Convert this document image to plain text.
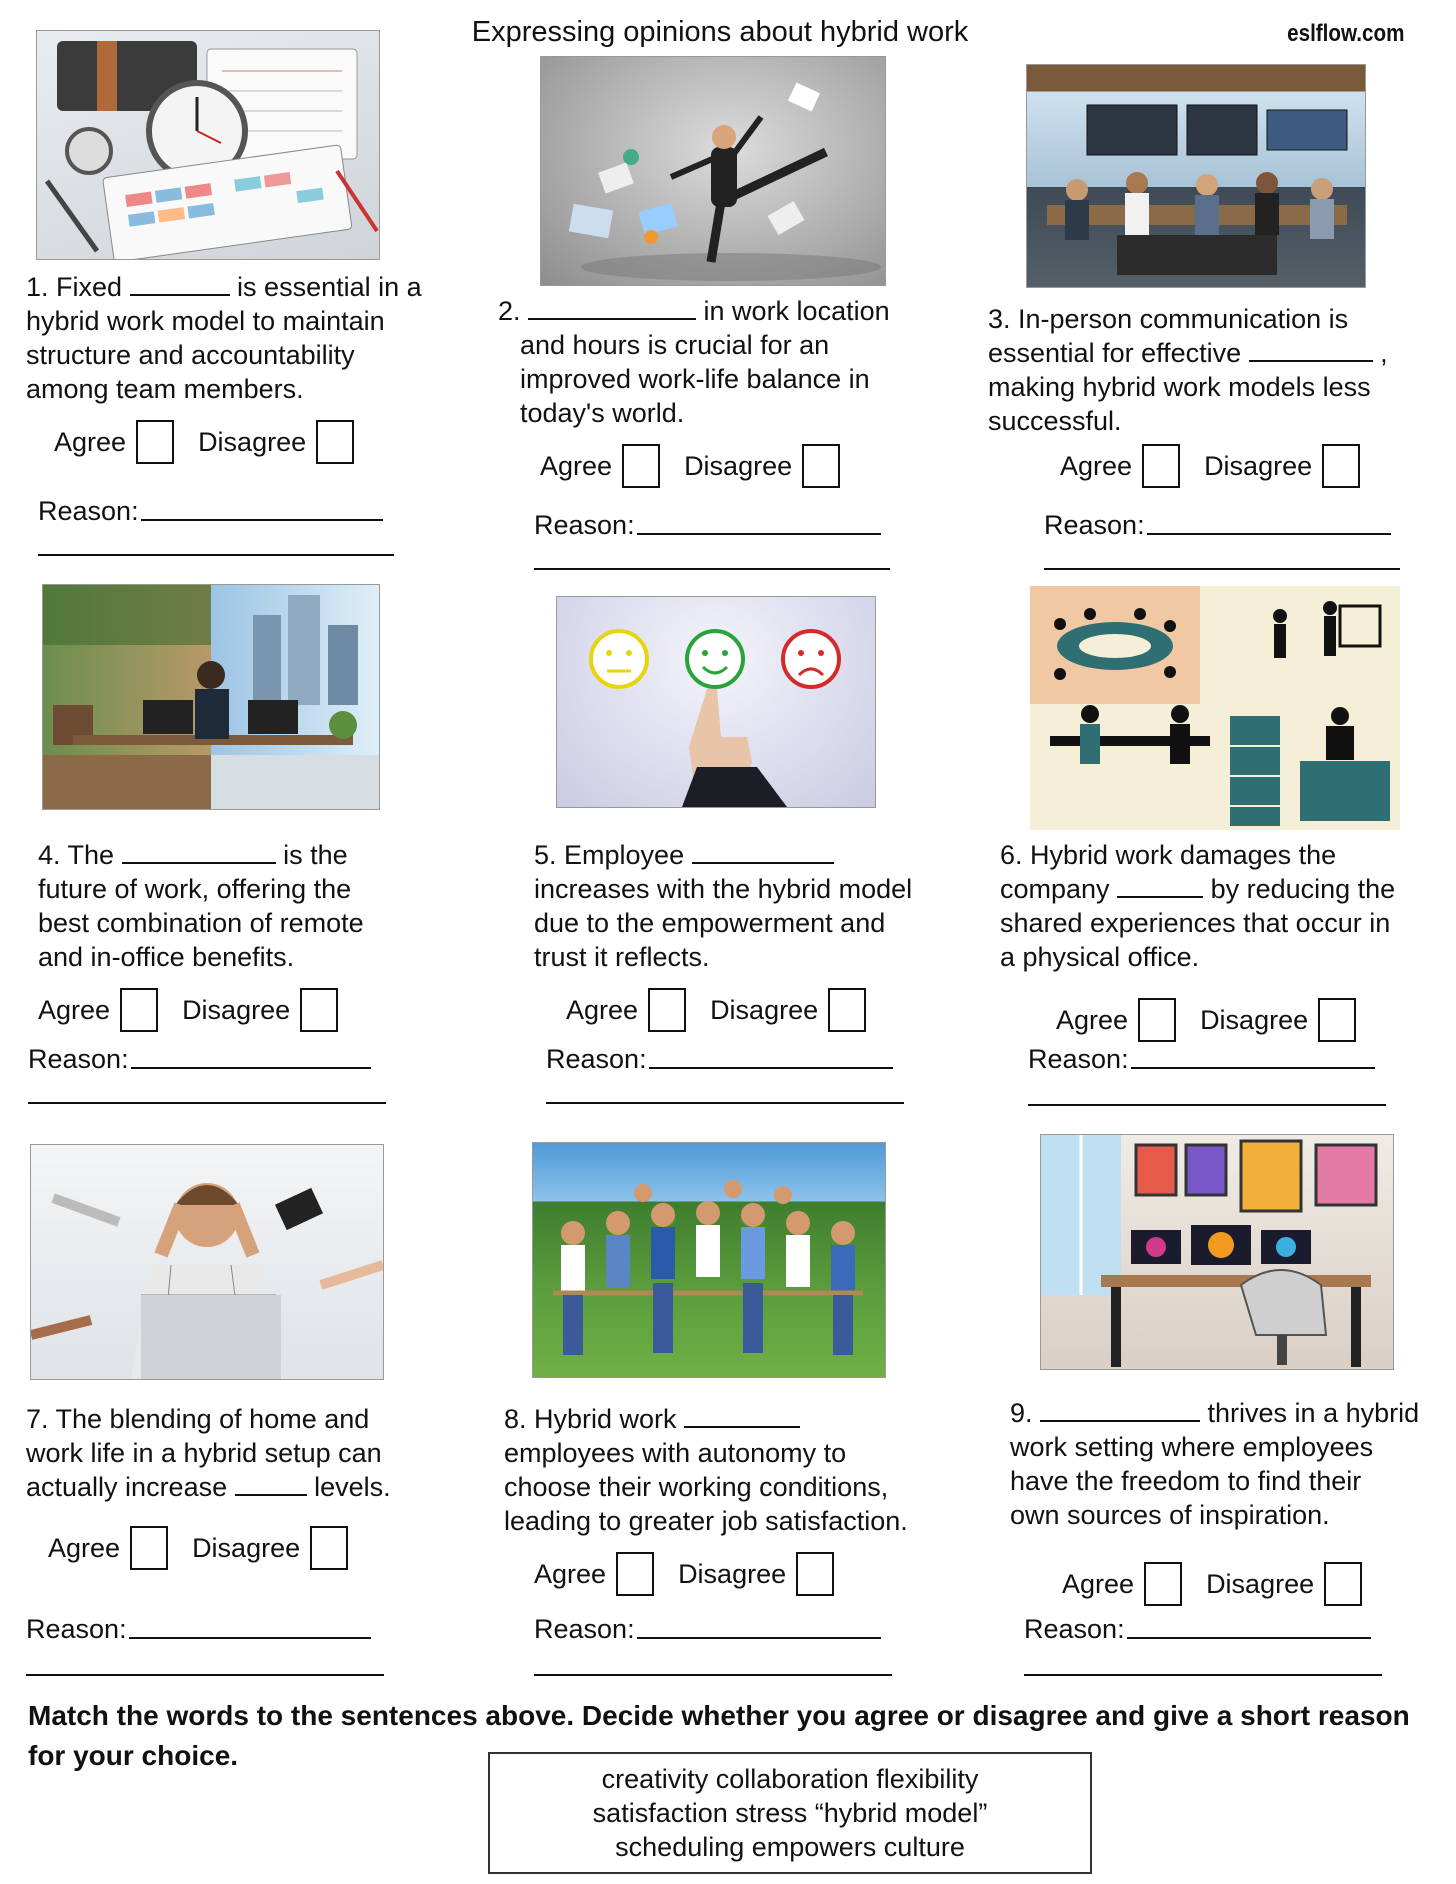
Expressing opinions about hybrid work	eslflow.com

1. Fixed	is essential in a

hybrid work model to maintain

structure and accountability

among team members.

Agree	Disagree
Reason:

2.	in work location

and hours is crucial for an

improved work-life balance in

today's world.

Agree	Disagree
Reason:

3. In-person communication is

essential for effective	,

making hybrid work models less

successful.

Agree	Disagree
Reason:

4. The	is the

future of work, offering the

best combination of remote

and in-office benefits.

Agree	Disagree
Reason:

5. Employee

increases with the hybrid model

due to the empowerment and

trust it reflects.

Agree	Disagree
Reason:

6. Hybrid work damages the

company	by reducing the

shared experiences that occur in

a physical office.

Agree	Disagree
Reason:

7. The blending of home and

work life in a hybrid setup can

actually increase	levels.

Agree	Disagree
Reason:

8. Hybrid work

employees with autonomy to

choose their working conditions,

leading to greater job satisfaction.

Agree	Disagree
Reason:

9.	thrives in a hybrid

work setting where employees

have the freedom to find their

own sources of inspiration.

Agree	Disagree
Reason:
Match the words to the sentences above. Decide whether you agree or disagree and give a short reason for your choice.
creativity collaboration flexibility
satisfaction stress “hybrid model”
scheduling empowers culture
